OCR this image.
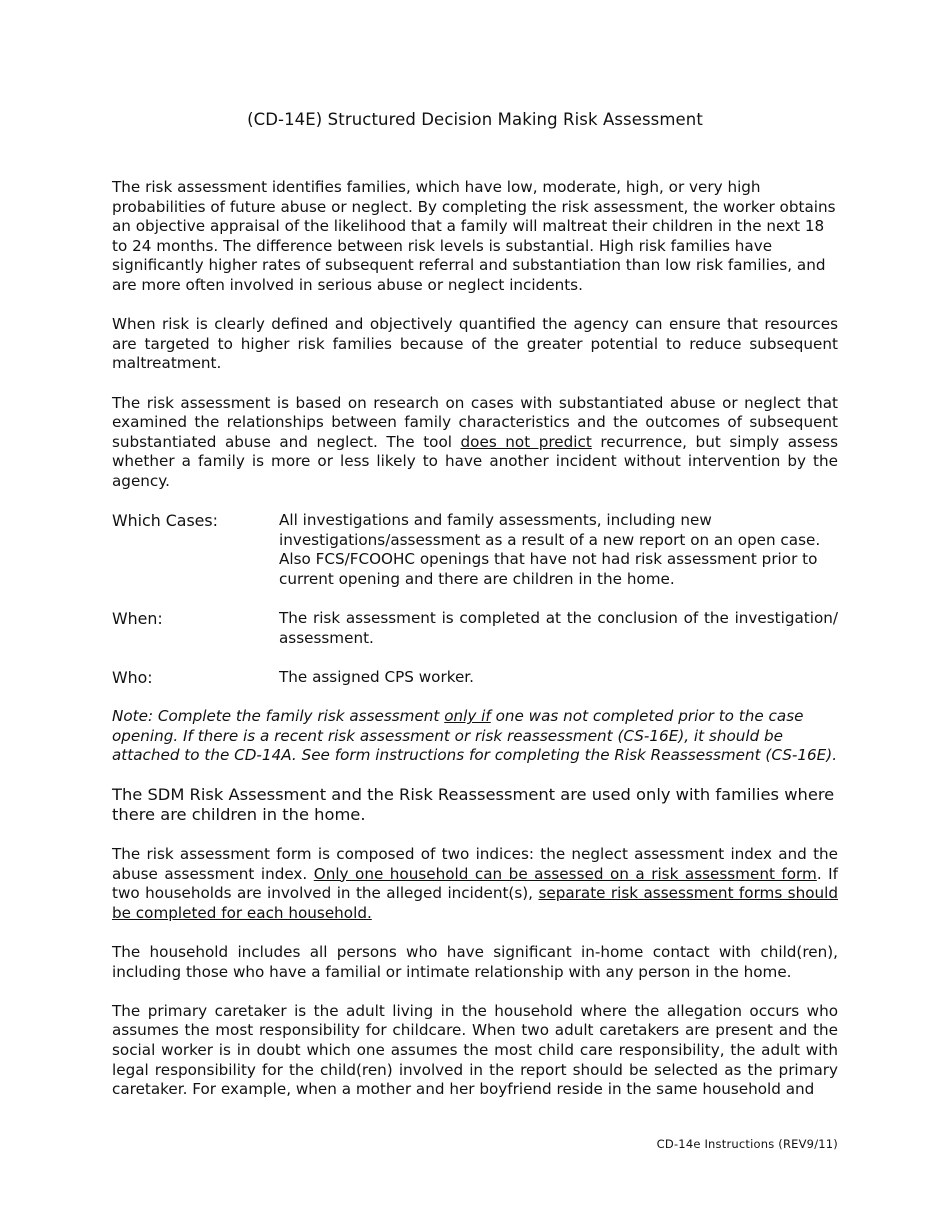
(CD-14E) Structured Decision Making Risk Assessment

The risk assessment identifies families, which have low, moderate, high, or very high probabilities of future abuse or neglect. By completing the risk assessment, the worker obtains an objective appraisal of the likelihood that a family will maltreat their children in the next 18 to 24 months. The difference between risk levels is substantial. High risk families have significantly higher rates of subsequent referral and substantiation than low risk families, and are more often involved in serious abuse or neglect incidents.

When risk is clearly defined and objectively quantified the agency can ensure that resources are targeted to higher risk families because of the greater potential to reduce subsequent maltreatment.

The risk assessment is based on research on cases with substantiated abuse or neglect that examined the relationships between family characteristics and the outcomes of subsequent substantiated abuse and neglect. The tool does not predict recurrence, but simply assess whether a family is more or less likely to have another incident without intervention by the agency.

Which Cases:	All investigations and family assessments, including new investigations/assessment as a result of a new report on an open case. Also FCS/FCOOHC openings that have not had risk assessment prior to current opening and there are children in the home.
When:	The risk assessment is completed at the conclusion of the investigation/ assessment.
Who:	The assigned CPS worker.

Note: Complete the family risk assessment only if one was not completed prior to the case opening. If there is a recent risk assessment or risk reassessment (CS-16E), it should be attached to the CD-14A. See form instructions for completing the Risk Reassessment (CS-16E).

The SDM Risk Assessment and the Risk Reassessment are used only with families where there are children in the home.

The risk assessment form is composed of two indices: the neglect assessment index and the abuse assessment index. Only one household can be assessed on a risk assessment form. If two households are involved in the alleged incident(s), separate risk assessment forms should be completed for each household.

The household includes all persons who have significant in-home contact with child(ren), including those who have a familial or intimate relationship with any person in the home.

The primary caretaker is the adult living in the household where the allegation occurs who assumes the most responsibility for childcare. When two adult caretakers are present and the social worker is in doubt which one assumes the most child care responsibility, the adult with legal responsibility for the child(ren) involved in the report should be selected as the primary caretaker. For example, when a mother and her boyfriend reside in the same household and

CD-14e Instructions (REV9/11)
